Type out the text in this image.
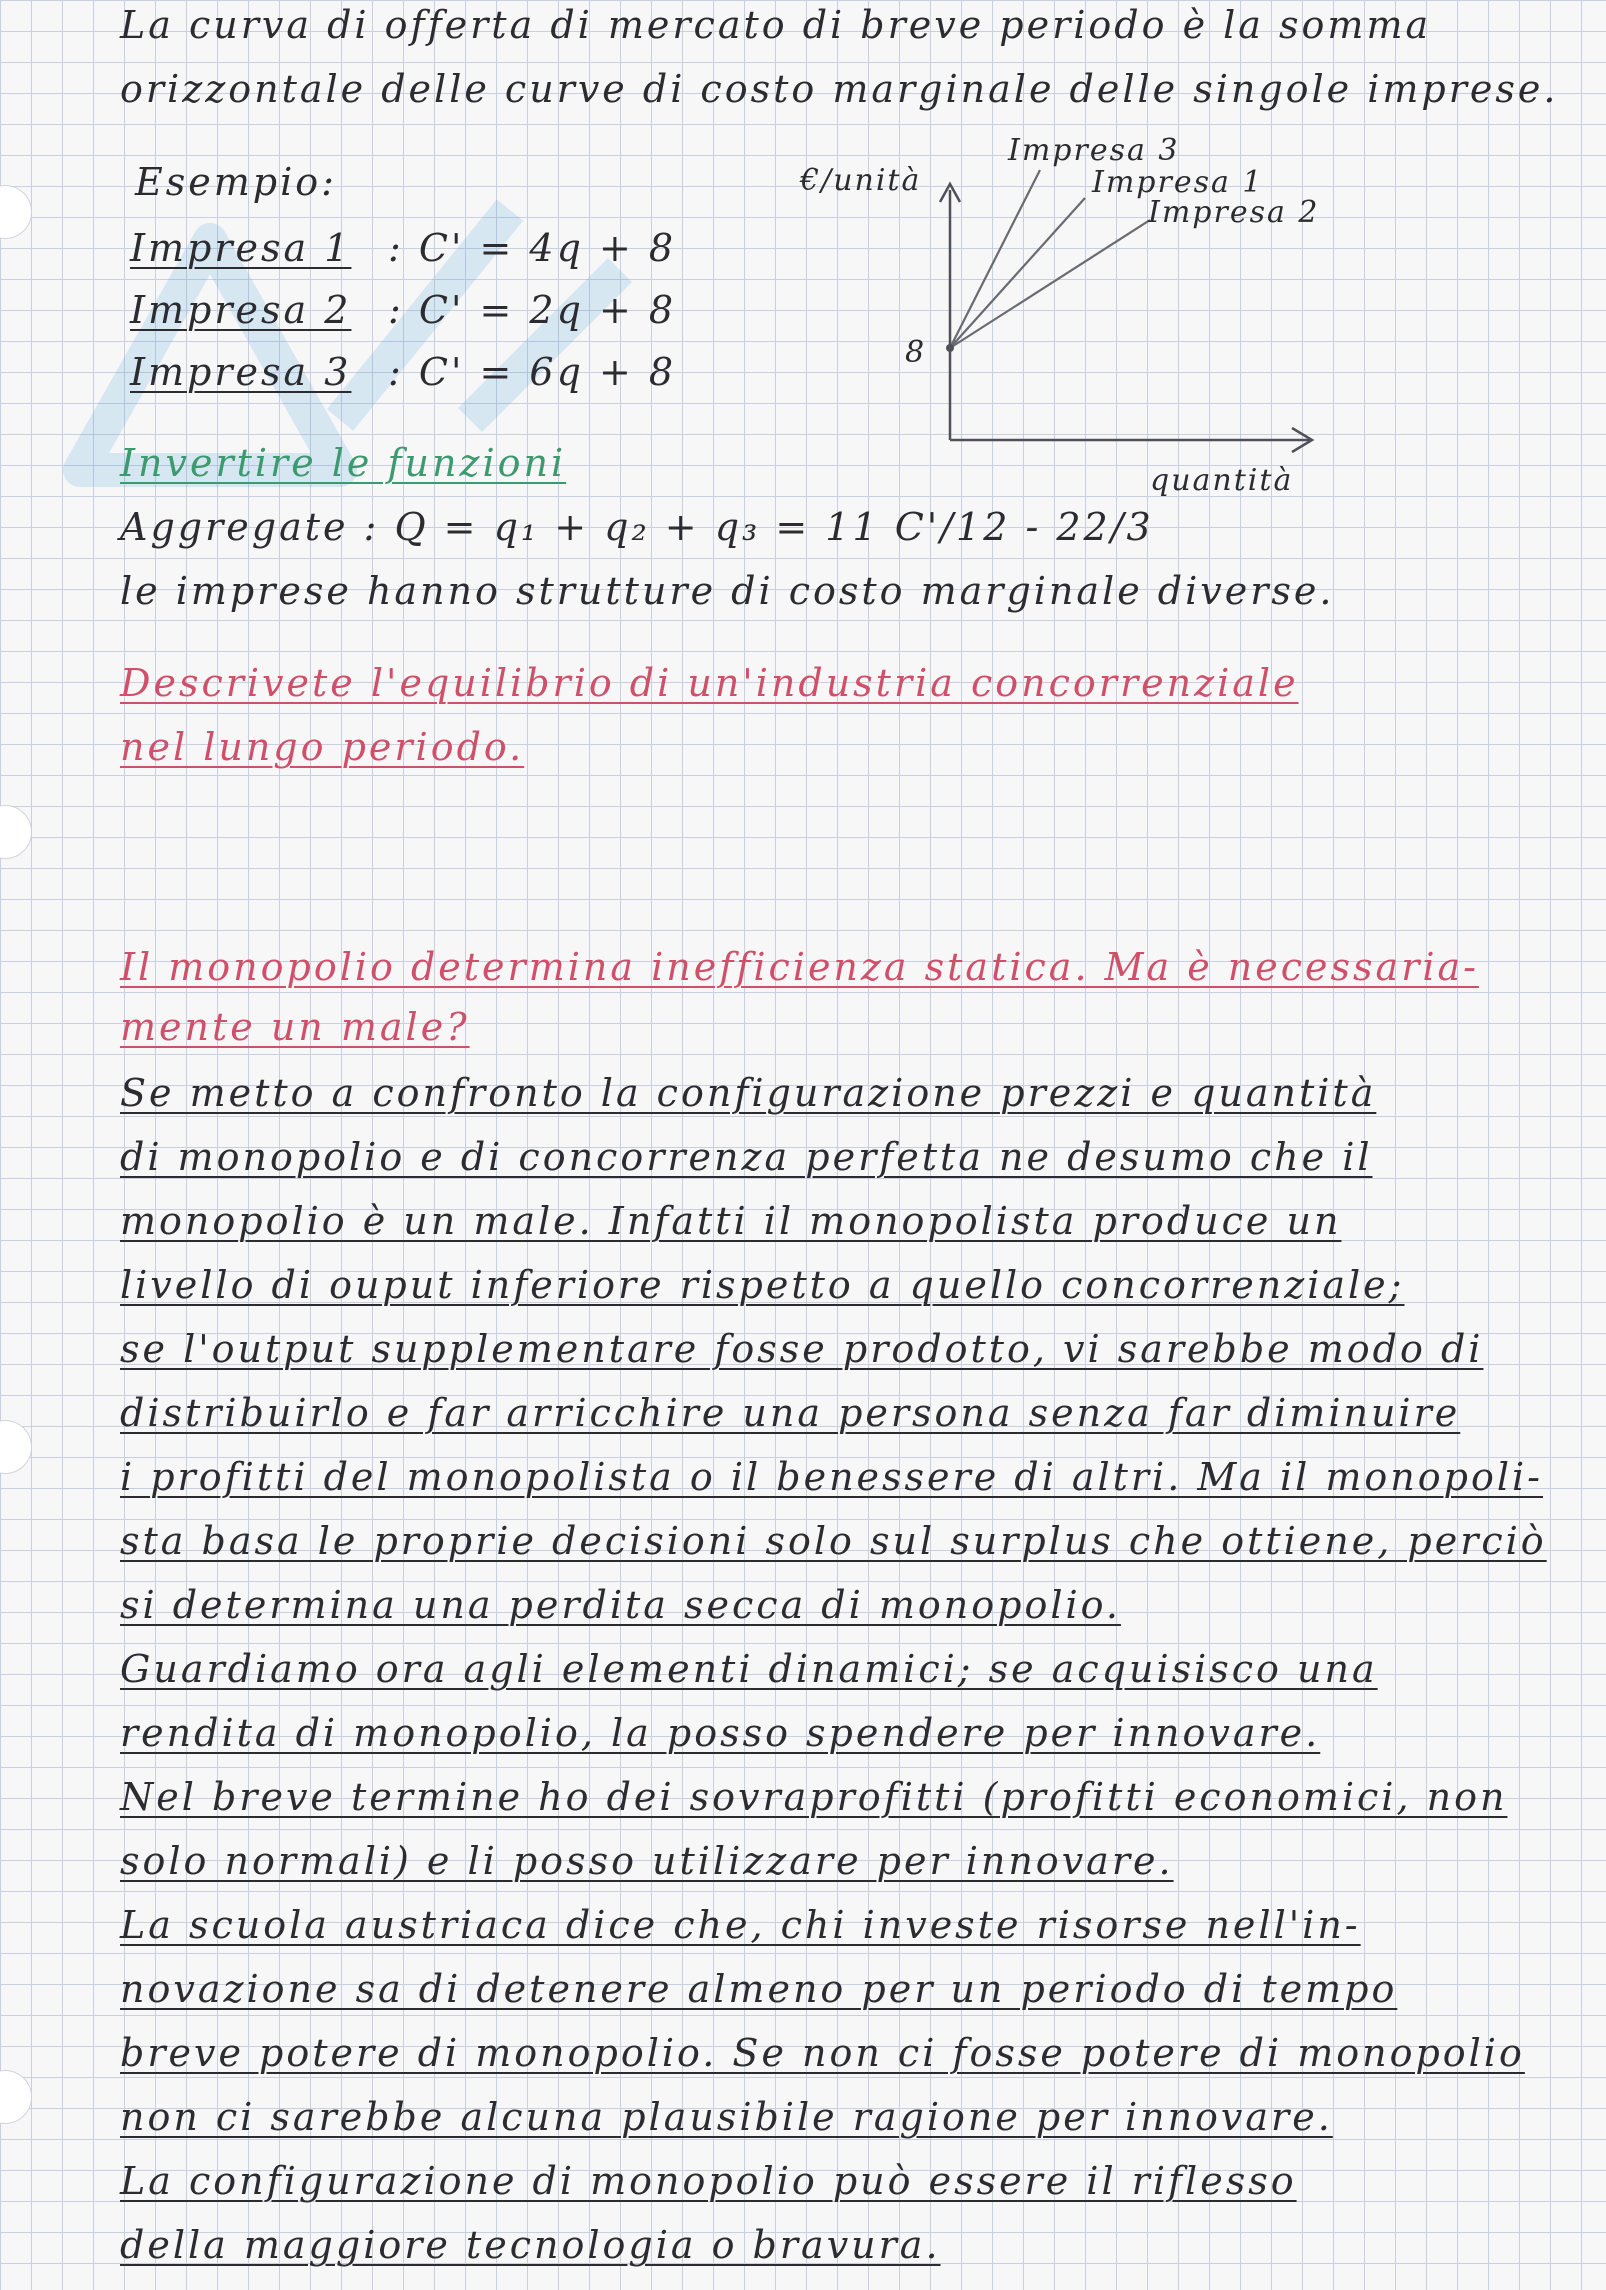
La curva di offerta di mercato di breve periodo è la somma
orizzontale delle curve di costo marginale delle singole imprese.
Esempio:
Impresa 1 : C' = 4q + 8
Impresa 2 : C' = 2q + 8
Impresa 3 : C' = 6q + 8
€/unità
8
quantità
Impresa 3
Impresa 1
Impresa 2
Invertire le funzioni
Aggregate : Q = q₁ + q₂ + q₃ = 11 C'/12 - 22/3
le imprese hanno strutture di costo marginale diverse.
Descrivete l'equilibrio di un'industria concorrenziale
nel lungo periodo.
Il monopolio determina inefficienza statica. Ma è necessaria-
mente un male?
Se metto a confronto la configurazione prezzi e quantità
di monopolio e di concorrenza perfetta ne desumo che il
monopolio è un male. Infatti il monopolista produce un
livello di ouput inferiore rispetto a quello concorrenziale;
se l'output supplementare fosse prodotto, vi sarebbe modo di
distribuirlo e far arricchire una persona senza far diminuire
i profitti del monopolista o il benessere di altri. Ma il monopoli-
sta basa le proprie decisioni solo sul surplus che ottiene, perciò
si determina una perdita secca di monopolio.
Guardiamo ora agli elementi dinamici; se acquisisco una
rendita di monopolio, la posso spendere per innovare.
Nel breve termine ho dei sovraprofitti (profitti economici, non
solo normali) e li posso utilizzare per innovare.
La scuola austriaca dice che, chi investe risorse nell'in-
novazione sa di detenere almeno per un periodo di tempo
breve potere di monopolio. Se non ci fosse potere di monopolio
non ci sarebbe alcuna plausibile ragione per innovare.
La configurazione di monopolio può essere il riflesso
della maggiore tecnologia o bravura.
